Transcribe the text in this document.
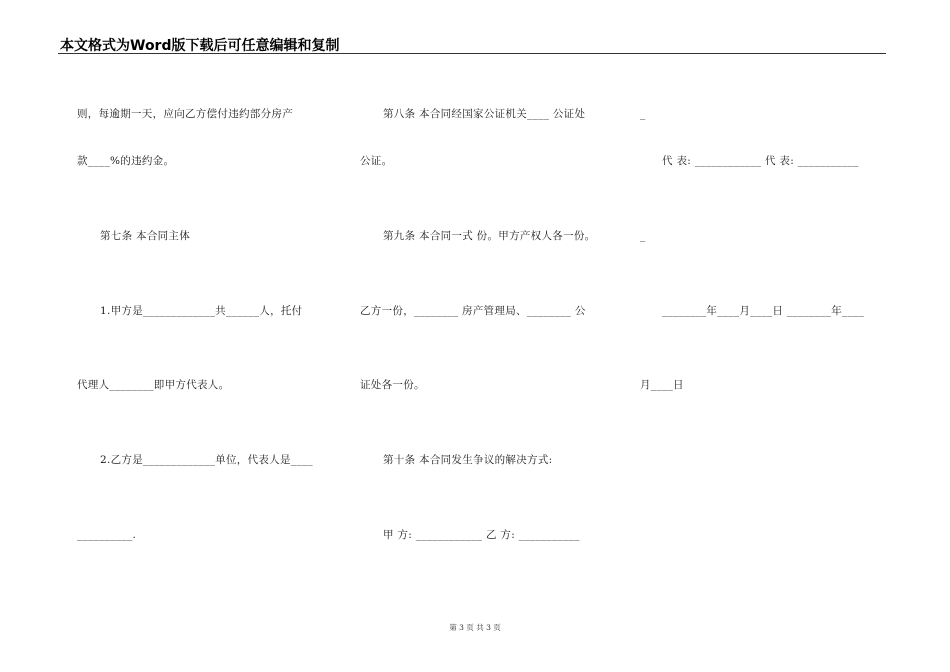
本文格式为Word版下载后可任意编辑和复制
则，每逾期一天，应向乙方偿付违约部分房产
款____%的违约金。
第七条 本合同主体
1.甲方是_____________共______人，托付
代理人________即甲方代表人。
2.乙方是_____________单位，代表人是____
__________.
第八条 本合同经国家公证机关____ 公证处
公证。
第九条 本合同一式 份。甲方产权人各一份。
乙方一份，________ 房产管理局、________ 公
证处各一份。
第十条 本合同发生争议的解决方式:
甲 方: ____________ 乙 方: ___________
_
代 表: ____________ 代 表: ___________
_
________年____月____日 ________年____
月____日
第 3 页 共 3 页
